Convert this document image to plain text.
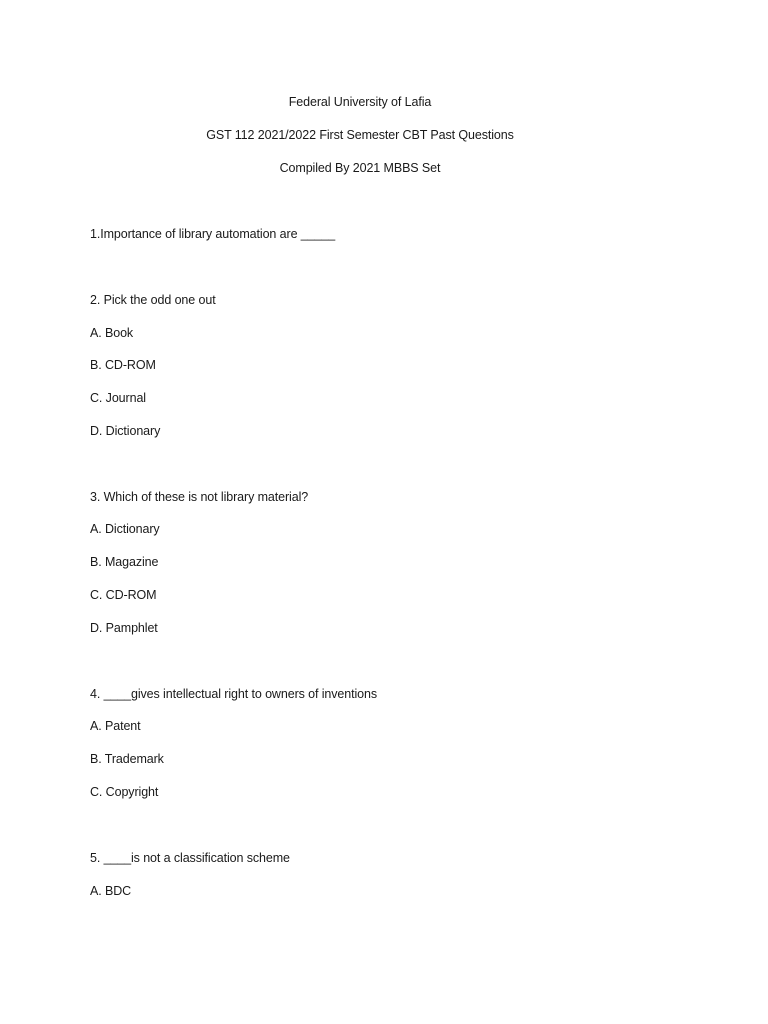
Federal University of Lafia
GST 112 2021/2022 First Semester CBT Past Questions
Compiled By 2021 MBBS Set
1.Importance of library automation are _____
2. Pick the odd one out
A. Book
B. CD-ROM
C. Journal
D. Dictionary
3. Which of these is not library material?
A. Dictionary
B. Magazine
C. CD-ROM
D. Pamphlet
4. ____gives intellectual right to owners of inventions
A. Patent
B. Trademark
C. Copyright
5. ____is not a classification scheme
A. BDC
